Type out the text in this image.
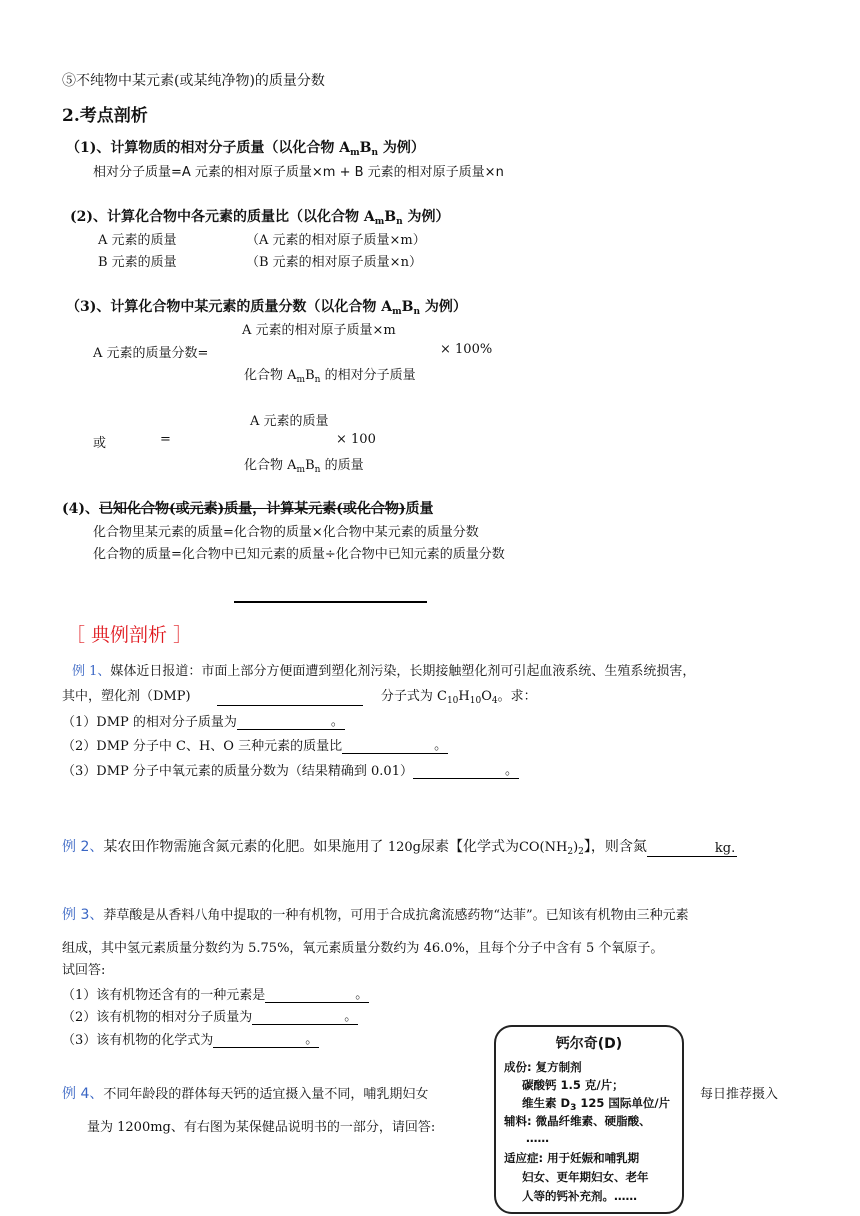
⑤不纯物中某元素(或某纯净物)的质量分数
2.考点剖析
（1)、计算物质的相对分子质量（以化合物 $A_mB_n$ 为例）
相对分子质量=A 元素的相对原子质量×m + B 元素的相对原子质量×n
(2)、计算化合物中各元素的质量比（以化合物 $A_mB_n$ 为例）
A 元素的质量	（A 元素的相对原子质量×m）
B 元素的质量	（B 元素的相对原子质量×n）
（3)、计算化合物中某元素的质量分数（以化合物 $A_mB_n$ 为例）
A 元素的相对原子质量×m
A 元素的质量分数=	× 100%
化合物 $A_mB_n$ 的相对分子质量
A 元素的质量
或	=	× 100
化合物 $A_mB_n$ 的质量
(4)、已知化合物(或元素)质量，计算某元素(或化合物)质量
化合物里某元素的质量=化合物的质量×化合物中某元素的质量分数
化合物的质量=化合物中已知元素的质量÷化合物中已知元素的质量分数
［ 典例剖析 ］
例 1、媒体近日报道：市面上部分方便面遭到塑化剂污染，长期接触塑化剂可引起血液系统、生殖系统损害，
其中，塑化剂（DMP)	分子式为 $C_{10}H_{10}O_4$。求：
（1）DMP 的相对分子质量为	。
（2）DMP 分子中 C、H、O 三种元素的质量比	。
（3）DMP 分子中氧元素的质量分数为（结果精确到 0.01）	。
例 2、某农田作物需施含氮元素的化肥。如果施用了 120g尿素【化学式为$CO(NH_2)_2$】，则含氮	kg.
例 3、莽草酸是从香料八角中提取的一种有机物，可用于合成抗禽流感药物“达菲”。已知该有机物由三种元素
组成，其中氢元素质量分数约为 5.75%，氧元素质量分数约为 46.0%，且每个分子中含有 5 个氧原子。
试回答:
（1）该有机物还含有的一种元素是	。
（2）该有机物的相对分子质量为	。
（3）该有机物的化学式为	。
例 4、不同年龄段的群体每天钙的适宜摄入量不同，哺乳期妇女	每日推荐摄入
量为 1200mg、有右图为某保健品说明书的一部分，请回答:
钙尔奇(D)
成份: 复方制剂
碳酸钙 1.5 克/片；
维生素 $D_3$ 125 国际单位/片
辅料: 微晶纤维素、硬脂酸、
……
适应症: 用于妊娠和哺乳期
妇女、更年期妇女、老年
人等的钙补充剂。……
